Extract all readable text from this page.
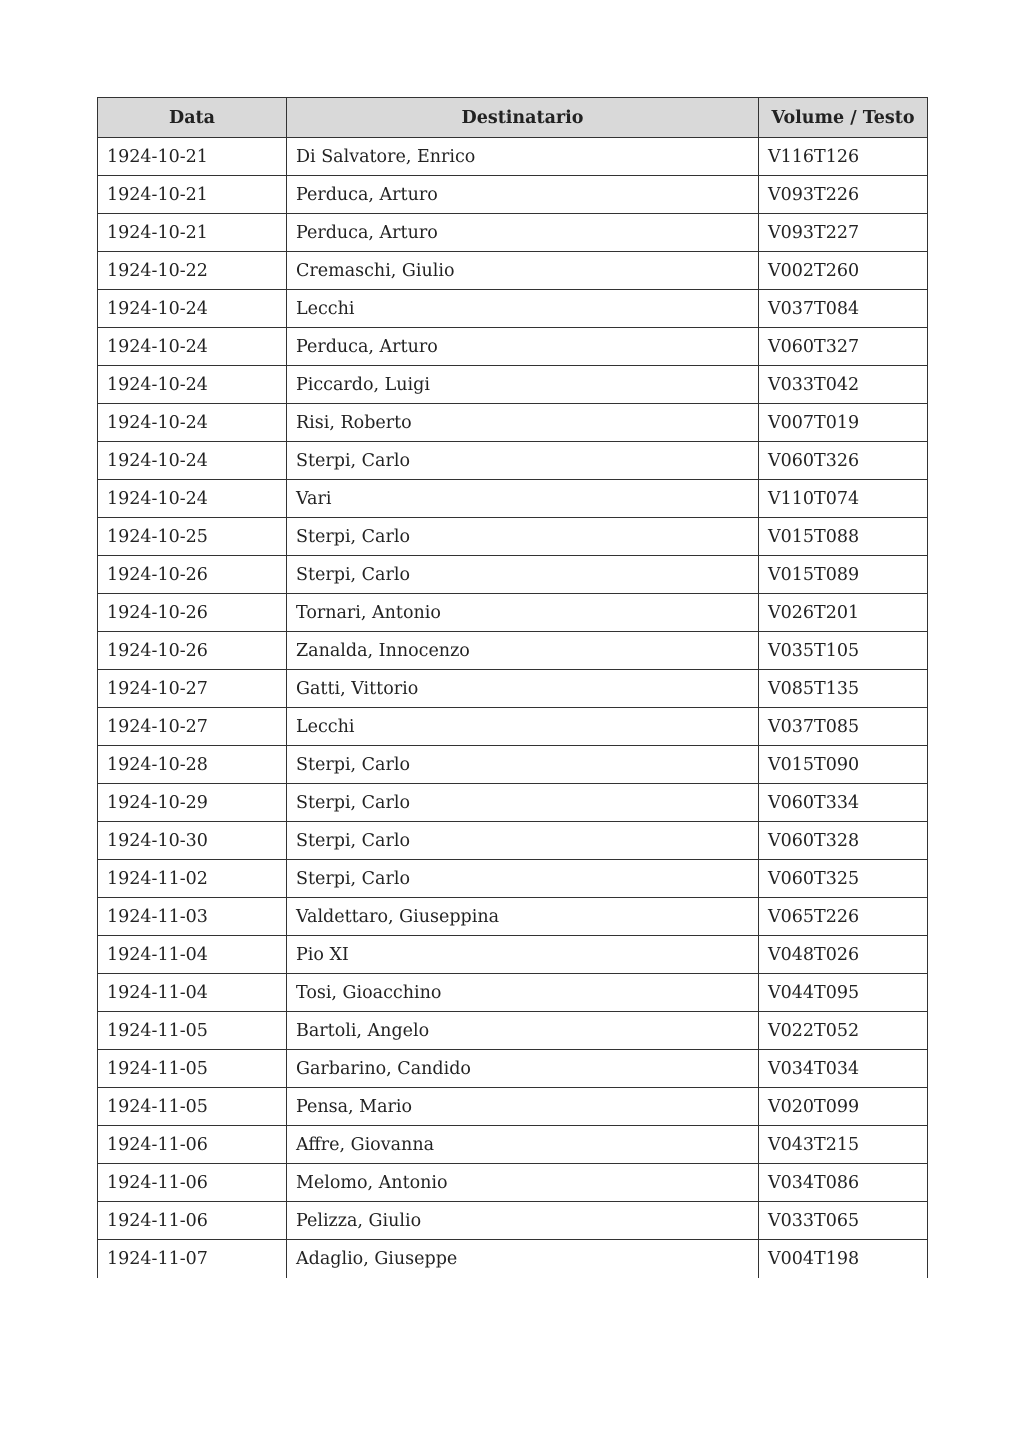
Data	Destinatario	Volume / Testo
1924-10-21	Di Salvatore, Enrico	V116T126
1924-10-21	Perduca, Arturo	V093T226
1924-10-21	Perduca, Arturo	V093T227
1924-10-22	Cremaschi, Giulio	V002T260
1924-10-24	Lecchi	V037T084
1924-10-24	Perduca, Arturo	V060T327
1924-10-24	Piccardo, Luigi	V033T042
1924-10-24	Risi, Roberto	V007T019
1924-10-24	Sterpi, Carlo	V060T326
1924-10-24	Vari	V110T074
1924-10-25	Sterpi, Carlo	V015T088
1924-10-26	Sterpi, Carlo	V015T089
1924-10-26	Tornari, Antonio	V026T201
1924-10-26	Zanalda, Innocenzo	V035T105
1924-10-27	Gatti, Vittorio	V085T135
1924-10-27	Lecchi	V037T085
1924-10-28	Sterpi, Carlo	V015T090
1924-10-29	Sterpi, Carlo	V060T334
1924-10-30	Sterpi, Carlo	V060T328
1924-11-02	Sterpi, Carlo	V060T325
1924-11-03	Valdettaro, Giuseppina	V065T226
1924-11-04	Pio XI	V048T026
1924-11-04	Tosi, Gioacchino	V044T095
1924-11-05	Bartoli, Angelo	V022T052
1924-11-05	Garbarino, Candido	V034T034
1924-11-05	Pensa, Mario	V020T099
1924-11-06	Affre, Giovanna	V043T215
1924-11-06	Melomo, Antonio	V034T086
1924-11-06	Pelizza, Giulio	V033T065
1924-11-07	Adaglio, Giuseppe	V004T198
